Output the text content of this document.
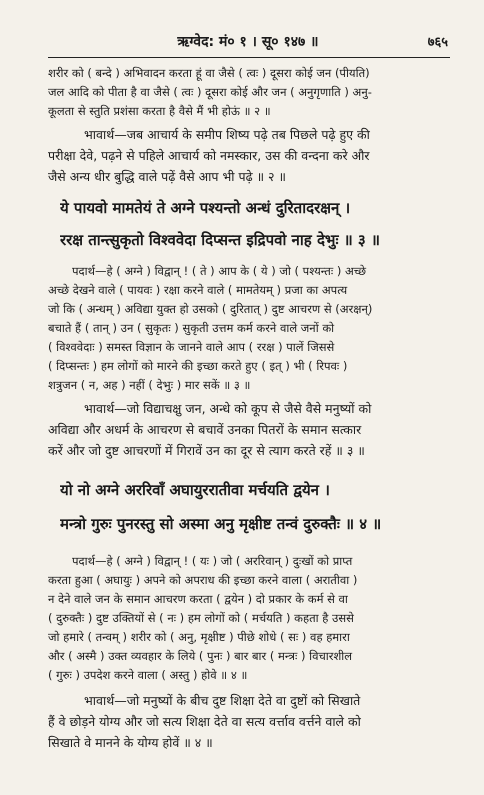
ऋग्वेद: मं० १ । सू० १४७ ॥	७६५
शरीर को ( बन्दे ) अभिवादन करता हूं वा जैसे ( त्वः ) दूसरा कोई जन (पीयति)
जल आदि को पीता है वा जैसे ( त्वः ) दूसरा कोई और जन ( अनुगृणाति ) अनु-
कूलता से स्तुति प्रशंसा करता है वैसे मैं भी होऊं ॥ २ ॥
भावार्थ—जब आचार्य के समीप शिष्य पढ़े तब पिछले पढ़े हुए की
परीक्षा देवे, पढ़ने से पहिले आचार्य को नमस्कार, उस की वन्दना करे और
जैसे अन्य धीर बुद्धि वाले पढ़ें वैसे आप भी पढ़े ॥ २ ॥
ये पायवो मामतेयं ते अग्ने पश्यन्तो अन्धं दुरितादरक्षन् ।
ररक्ष तान्त्सुकृतो विश्ववेदा दिप्सन्त इद्रिपवो नाह देभुः ॥ ३ ॥
पदार्थ—हे ( अग्ने ) विद्वान् ! ( ते ) आप के ( ये ) जो ( पश्यन्तः ) अच्छे
अच्छे देखने वाले ( पायवः ) रक्षा करने वाले ( मामतेयम् ) प्रजा का अपत्य
जो कि ( अन्धम् ) अविद्या युक्त हो उसको ( दुरितात् ) दुष्ट आचरण से (अरक्षन्)
बचाते हैं ( तान् ) उन ( सुकृतः ) सुकृती उत्तम कर्म करने वाले जनों को
( विश्ववेदाः ) समस्त विज्ञान के जानने वाले आप ( ररक्ष ) पालें जिससे
( दिप्सन्तः ) हम लोगों को मारने की इच्छा करते हुए ( इत् ) भी ( रिपवः )
शत्रुजन ( न, अह ) नहीं ( देभुः ) मार सकें ॥ ३ ॥
भावार्थ—जो विद्याचक्षु जन, अन्धे को कूप से जैसे वैसे मनुष्यों को
अविद्या और अधर्म के आचरण से बचावें उनका पितरों के समान सत्कार
करें और जो दुष्ट आचरणों में गिरावें उन का दूर से त्याग करते रहें ॥ ३ ॥
यो नो अग्ने अररिवाँ अघायुररातीवा मर्चयति द्वयेन ।
मन्त्रो गुरुः पुनरस्तु सो अस्मा अनु मृक्षीष्ट तन्वं दुरुक्तैः ॥ ४ ॥
पदार्थ—हे ( अग्ने ) विद्वान् ! ( यः ) जो ( अररिवान् ) दुःखों को प्राप्त
करता हुआ ( अघायुः ) अपने को अपराध की इच्छा करने वाला ( अरातीवा )
न देने वाले जन के समान आचरण करता ( द्वयेन ) दो प्रकार के कर्म से वा
( दुरुक्तैः ) दुष्ट उक्तियों से ( नः ) हम लोगों को ( मर्चयति ) कहता है उससे
जो हमारे ( तन्वम् ) शरीर को ( अनु, मृक्षीष्ट ) पीछे शोधे ( सः ) वह हमारा
और ( अस्मै ) उक्त व्यवहार के लिये ( पुनः ) बार बार ( मन्त्रः ) विचारशील
( गुरुः ) उपदेश करने वाला ( अस्तु ) होवे ॥ ४ ॥
भावार्थ—जो मनुष्यों के बीच दुष्ट शिक्षा देते वा दुष्टों को सिखाते
हैं वे छोड़ने योग्य और जो सत्य शिक्षा देते वा सत्य वर्त्ताव वर्त्तने वाले को
सिखाते वे मानने के योग्य होवें ॥ ४ ॥
